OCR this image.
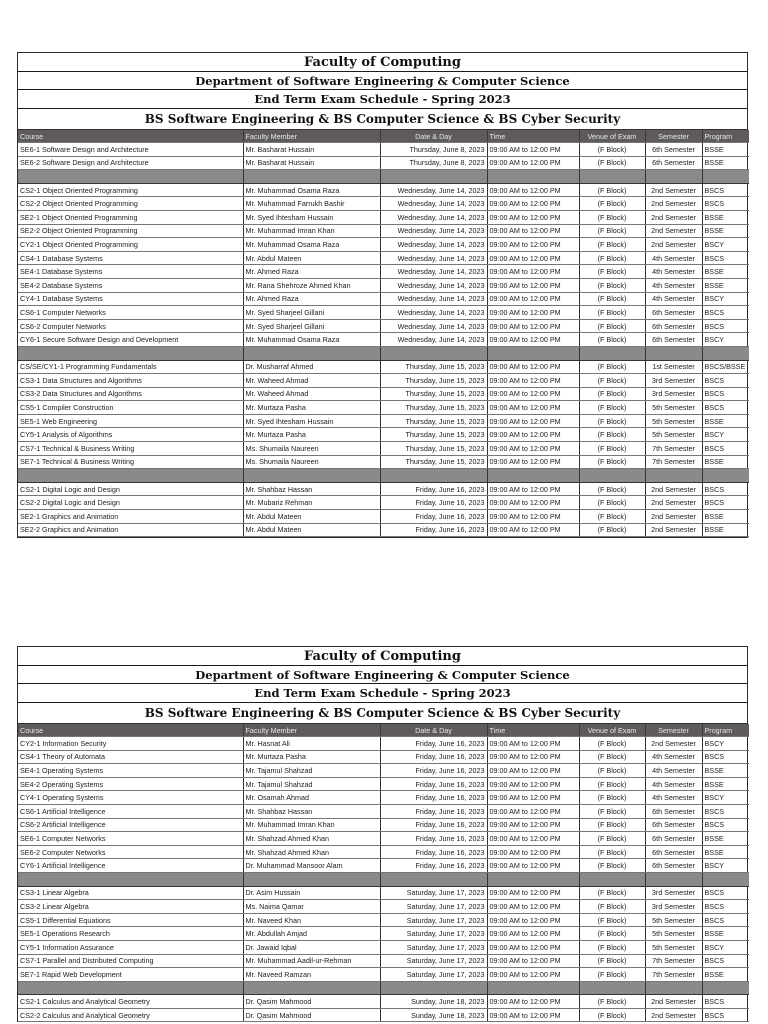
Faculty of Computing
Department of Software Engineering & Computer Science
End Term Exam Schedule - Spring 2023
BS Software Engineering & BS Computer Science & BS Cyber Security
Course	Faculty Member	Date & Day	Time	Venue of Exam	Semester	Program
SE6-1 Software Design and Architecture	Mr. Basharat Hussain	Thursday, June 8, 2023	09:00 AM to 12:00 PM	(F Block)	6th Semester	BSSE
SE6-2 Software Design and Architecture	Mr. Basharat Hussain	Thursday, June 8, 2023	09:00 AM to 12:00 PM	(F Block)	6th Semester	BSSE

CS2-1 Object Oriented Programming	Mr. Muhammad Osama Raza	Wednesday, June 14, 2023	09:00 AM to 12:00 PM	(F Block)	2nd Semester	BSCS
CS2-2 Object Oriented Programming	Mr. Muhammad Farrukh Bashir	Wednesday, June 14, 2023	09:00 AM to 12:00 PM	(F Block)	2nd Semester	BSCS
SE2-1 Object Oriented Programming	Mr. Syed Ihtesham Hussain	Wednesday, June 14, 2023	09:00 AM to 12:00 PM	(F Block)	2nd Semester	BSSE
SE2-2 Object Oriented Programming	Mr. Muhammad Imran Khan	Wednesday, June 14, 2023	09:00 AM to 12:00 PM	(F Block)	2nd Semester	BSSE
CY2-1 Object Oriented Programming	Mr. Muhammad Osama Raza	Wednesday, June 14, 2023	09:00 AM to 12:00 PM	(F Block)	2nd Semester	BSCY
CS4-1 Database Systems	Mr. Abdul Mateen	Wednesday, June 14, 2023	09:00 AM to 12:00 PM	(F Block)	4th Semester	BSCS
SE4-1 Database Systems	Mr. Ahmed Raza	Wednesday, June 14, 2023	09:00 AM to 12:00 PM	(F Block)	4th Semester	BSSE
SE4-2 Database Systems	Mr. Rana Shehroze Ahmed Khan	Wednesday, June 14, 2023	09:00 AM to 12:00 PM	(F Block)	4th Semester	BSSE
CY4-1 Database Systems	Mr. Ahmed Raza	Wednesday, June 14, 2023	09:00 AM to 12:00 PM	(F Block)	4th Semester	BSCY
CS6-1 Computer Networks	Mr. Syed Sharjeel Gillani	Wednesday, June 14, 2023	09:00 AM to 12:00 PM	(F Block)	6th Semester	BSCS
CS6-2 Computer Networks	Mr. Syed Sharjeel Gillani	Wednesday, June 14, 2023	09:00 AM to 12:00 PM	(F Block)	6th Semester	BSCS
CY6-1 Secure Software Design and Development	Mr. Muhammad Osama Raza	Wednesday, June 14, 2023	09:00 AM to 12:00 PM	(F Block)	6th Semester	BSCY

CS/SE/CY1-1 Programming Fundamentals	Dr. Musharraf Ahmed	Thursday, June 15, 2023	09:00 AM to 12:00 PM	(F Block)	1st Semester	BSCS/BSSE
CS3-1 Data Structures and Algorithms	Mr. Waheed Ahmad	Thursday, June 15, 2023	09:00 AM to 12:00 PM	(F Block)	3rd Semester	BSCS
CS3-2 Data Structures and Algorithms	Mr. Waheed Ahmad	Thursday, June 15, 2023	09:00 AM to 12:00 PM	(F Block)	3rd Semester	BSCS
CS5-1 Compiler Construction	Mr. Murtaza Pasha	Thursday, June 15, 2023	09:00 AM to 12:00 PM	(F Block)	5th Semester	BSCS
SE5-1 Web Engineering	Mr. Syed Ihtesham Hussain	Thursday, June 15, 2023	09:00 AM to 12:00 PM	(F Block)	5th Semester	BSSE
CY5-1 Analysis of Algorithms	Mr. Murtaza Pasha	Thursday, June 15, 2023	09:00 AM to 12:00 PM	(F Block)	5th Semester	BSCY
CS7-1 Technical & Business Writing	Ms. Shumaila Naureen	Thursday, June 15, 2023	09:00 AM to 12:00 PM	(F Block)	7th Semester	BSCS
SE7-1 Technical & Business Writing	Ms. Shumaila Naureen	Thursday, June 15, 2023	09:00 AM to 12:00 PM	(F Block)	7th Semester	BSSE

CS2-1 Digital Logic and Design	Mr. Shahbaz Hassan	Friday, June 16, 2023	09:00 AM to 12:00 PM	(F Block)	2nd Semester	BSCS
CS2-2 Digital Logic and Design	Mr. Mubariz Rehman	Friday, June 16, 2023	09:00 AM to 12:00 PM	(F Block)	2nd Semester	BSCS
SE2-1 Graphics and Animation	Mr. Abdul Mateen	Friday, June 16, 2023	09:00 AM to 12:00 PM	(F Block)	2nd Semester	BSSE
SE2-2 Graphics and Animation	Mr. Abdul Mateen	Friday, June 16, 2023	09:00 AM to 12:00 PM	(F Block)	2nd Semester	BSSE
Faculty of Computing
Department of Software Engineering & Computer Science
End Term Exam Schedule - Spring 2023
BS Software Engineering & BS Computer Science & BS Cyber Security
Course	Faculty Member	Date & Day	Time	Venue of Exam	Semester	Program
CY2-1 Information Security	Mr. Hasnat Ali	Friday, June 16, 2023	09:00 AM to 12:00 PM	(F Block)	2nd Semester	BSCY
CS4-1 Theory of Automata	Mr. Murtaza Pasha	Friday, June 16, 2023	09:00 AM to 12:00 PM	(F Block)	4th Semester	BSCS
SE4-1 Operating Systems	Mr. Tajamul Shahzad	Friday, June 16, 2023	09:00 AM to 12:00 PM	(F Block)	4th Semester	BSSE
SE4-2 Operating Systems	Mr. Tajamul Shahzad	Friday, June 16, 2023	09:00 AM to 12:00 PM	(F Block)	4th Semester	BSSE
CY4-1 Operating Systems	Mr. Osamah Ahmad	Friday, June 16, 2023	09:00 AM to 12:00 PM	(F Block)	4th Semester	BSCY
CS6-1 Artificial Intelligence	Mr. Shahbaz Hassan	Friday, June 16, 2023	09:00 AM to 12:00 PM	(F Block)	6th Semester	BSCS
CS6-2 Artificial Intelligence	Mr. Muhammad Imran Khan	Friday, June 16, 2023	09:00 AM to 12:00 PM	(F Block)	6th Semester	BSCS
SE6-1 Computer Networks	Mr. Shahzad Ahmed Khan	Friday, June 16, 2023	09:00 AM to 12:00 PM	(F Block)	6th Semester	BSSE
SE6-2 Computer Networks	Mr. Shahzad Ahmed Khan	Friday, June 16, 2023	09:00 AM to 12:00 PM	(F Block)	6th Semester	BSSE
CY6-1 Artificial Intelligence	Dr. Muhammad Mansoor Alam	Friday, June 16, 2023	09:00 AM to 12:00 PM	(F Block)	6th Semester	BSCY

CS3-1 Linear Algebra	Dr. Asim Hussain	Saturday, June 17, 2023	09:00 AM to 12:00 PM	(F Block)	3rd Semester	BSCS
CS3-2 Linear Algebra	Ms. Naima Qamar	Saturday, June 17, 2023	09:00 AM to 12:00 PM	(F Block)	3rd Semester	BSCS
CS5-1 Differential Equations	Mr. Naveed Khan	Saturday, June 17, 2023	09:00 AM to 12:00 PM	(F Block)	5th Semester	BSCS
SE5-1 Operations Research	Mr. Abdullah Amjad	Saturday, June 17, 2023	09:00 AM to 12:00 PM	(F Block)	5th Semester	BSSE
CY5-1 Information Assurance	Dr. Jawaid Iqbal	Saturday, June 17, 2023	09:00 AM to 12:00 PM	(F Block)	5th Semester	BSCY
CS7-1 Parallel and Distributed Computing	Mr. Muhammad Aadil-ur-Rehman	Saturday, June 17, 2023	09:00 AM to 12:00 PM	(F Block)	7th Semester	BSCS
SE7-1 Rapid Web Development	Mr. Naveed Ramzan	Saturday, June 17, 2023	09:00 AM to 12:00 PM	(F Block)	7th Semester	BSSE

CS2-1 Calculus and Analytical Geometry	Dr. Qasim Mahmood	Sunday, June 18, 2023	09:00 AM to 12:00 PM	(F Block)	2nd Semester	BSCS
CS2-2 Calculus and Analytical Geometry	Dr. Qasim Mahmood	Sunday, June 18, 2023	09:00 AM to 12:00 PM	(F Block)	2nd Semester	BSCS
